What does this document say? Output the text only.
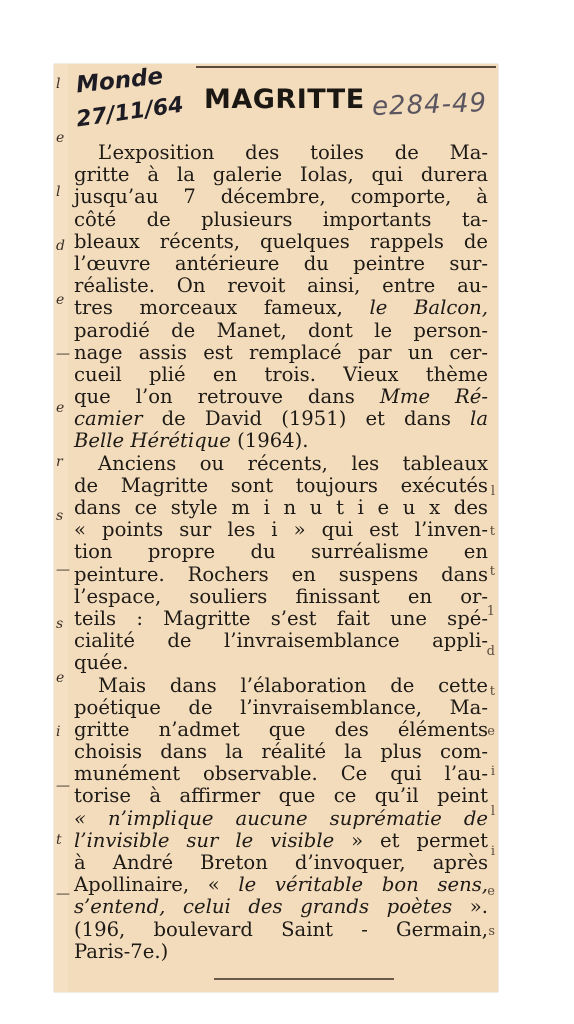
l
e
l
d
e
—
e
r
s
—
s
e
i
—
t
—
l
t
t
1
d
t
e
i
l
i
e
s
Monde
27/11/64 MAGRITTE e284-49
L’exposition des toiles de Ma-
gritte à la galerie Iolas, qui durera
jusqu’au 7 décembre, comporte, à
côté de plusieurs importants ta-
bleaux récents, quelques rappels de
l’œuvre antérieure du peintre sur-
réaliste. On revoit ainsi, entre au-
tres morceaux fameux, le Balcon,
parodié de Manet, dont le person-
nage assis est remplacé par un cer-
cueil plié en trois. Vieux thème
que l’on retrouve dans Mme Ré-
camier de David (1951) et dans la
Belle Hérétique (1964).
Anciens ou récents, les tableaux
de Magritte sont toujours exécutés
dans ce style m i n u t i e u x des
« points sur les i » qui est l’inven-
tion propre du surréalisme en
peinture. Rochers en suspens dans
l’espace, souliers finissant en or-
teils : Magritte s’est fait une spé-
cialité de l’invraisemblance appli-
quée.
Mais dans l’élaboration de cette
poétique de l’invraisemblance, Ma-
gritte n’admet que des éléments
choisis dans la réalité la plus com-
munément observable. Ce qui l’au-
torise à affirmer que ce qu’il peint
« n’implique aucune suprématie de
l’invisible sur le visible » et permet
à André Breton d’invoquer, après
Apollinaire, « le véritable bon sens,
s’entend, celui des grands poètes ».
(196, boulevard Saint - Germain,
Paris-7e.)
